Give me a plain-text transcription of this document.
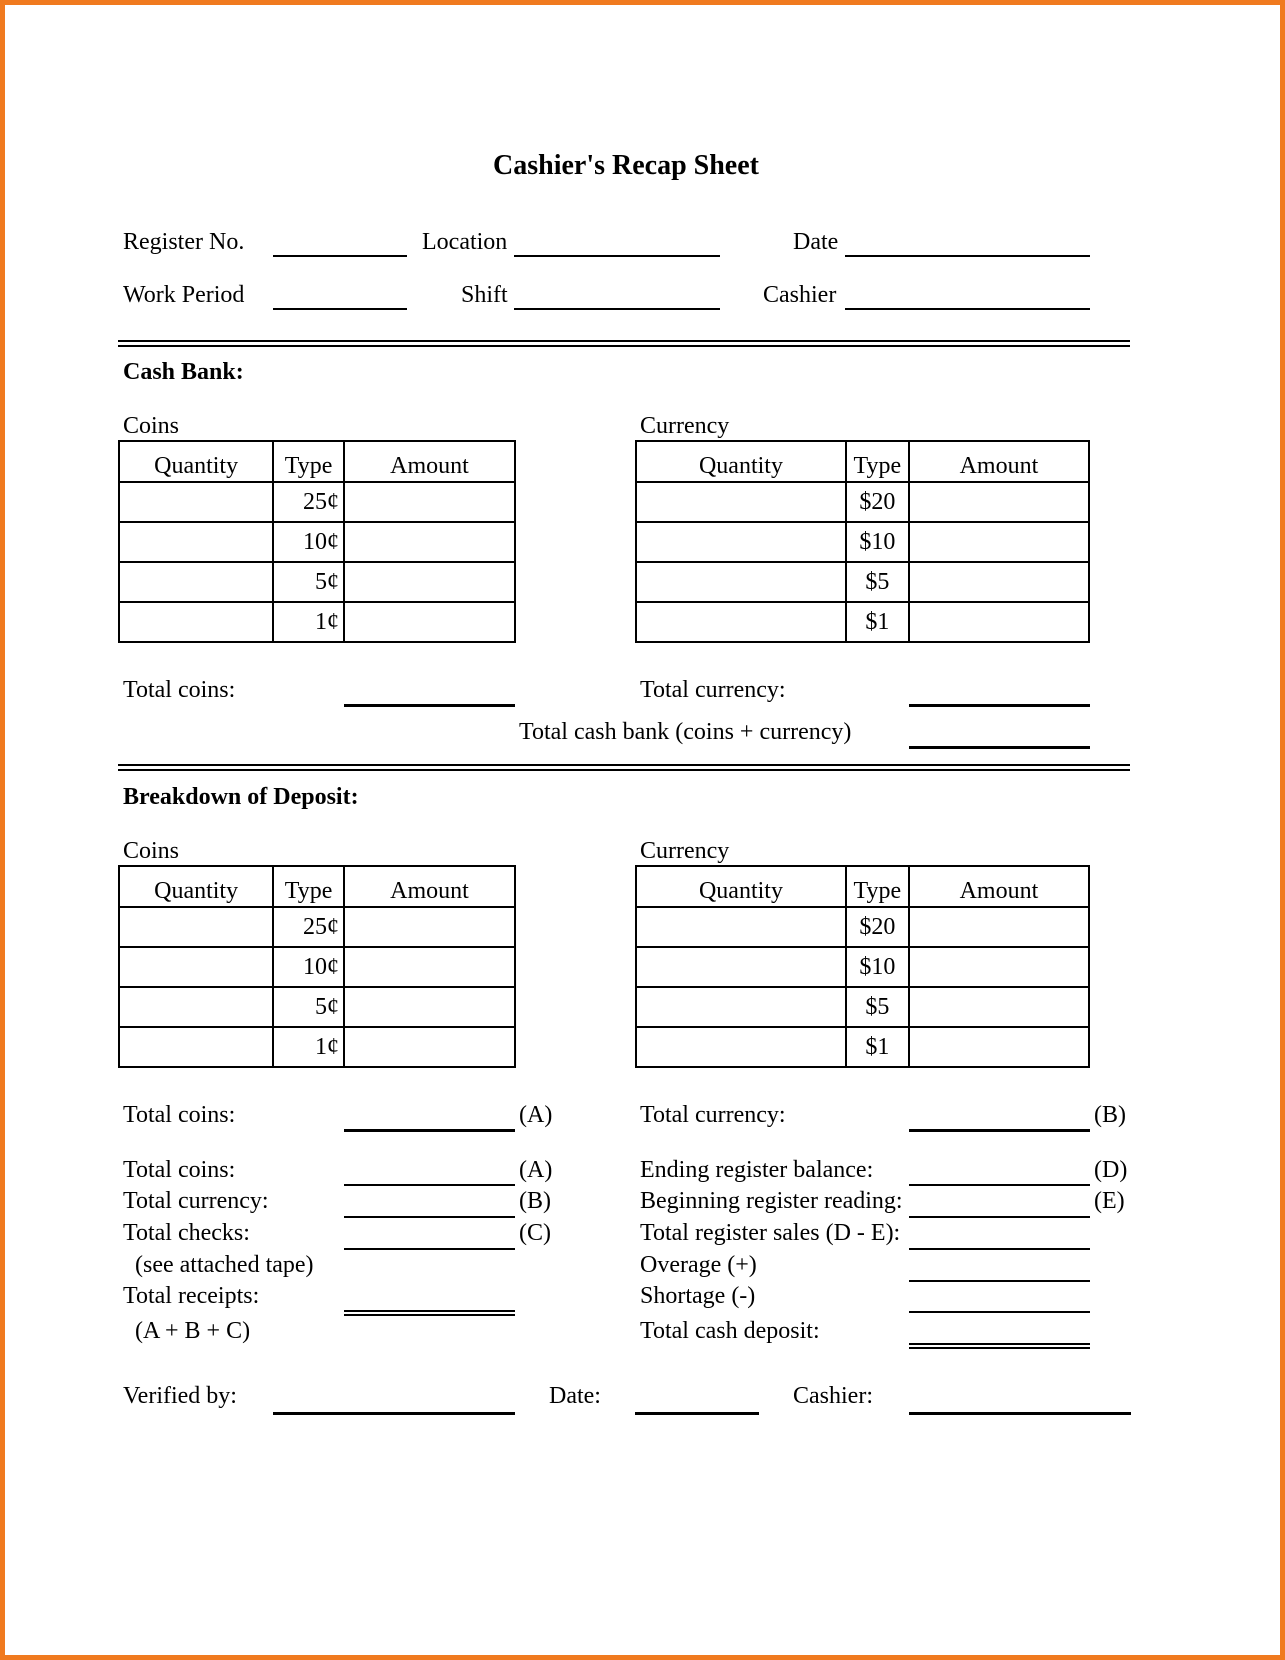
Cashier's Recap Sheet
Register No.	Location	Date
Work Period	Shift	Cashier
Cash Bank:
Coins	Currency
Quantity	Type	Amount
	25¢	
	10¢	
	5¢	
	1¢	
Quantity	Type	Amount
	$20	
	$10	
	$5	
	$1	
Total coins:	Total currency:
Total cash bank (coins + currency)
Breakdown of Deposit:
Coins	Currency
Quantity	Type	Amount
	25¢	
	10¢	
	5¢	
	1¢	
Quantity	Type	Amount
	$20	
	$10	
	$5	
	$1	
Total coins:	(A)	Total currency:	(B)
Total coins:	(A)
Total currency:	(B)
Total checks:	(C)
(see attached tape)
Total receipts:
(A + B + C)
Ending register balance:	(D)
Beginning register reading:	(E)
Total register sales (D - E):
Overage (+)
Shortage (-)
Total cash deposit:
Verified by:	Date:	Cashier:
